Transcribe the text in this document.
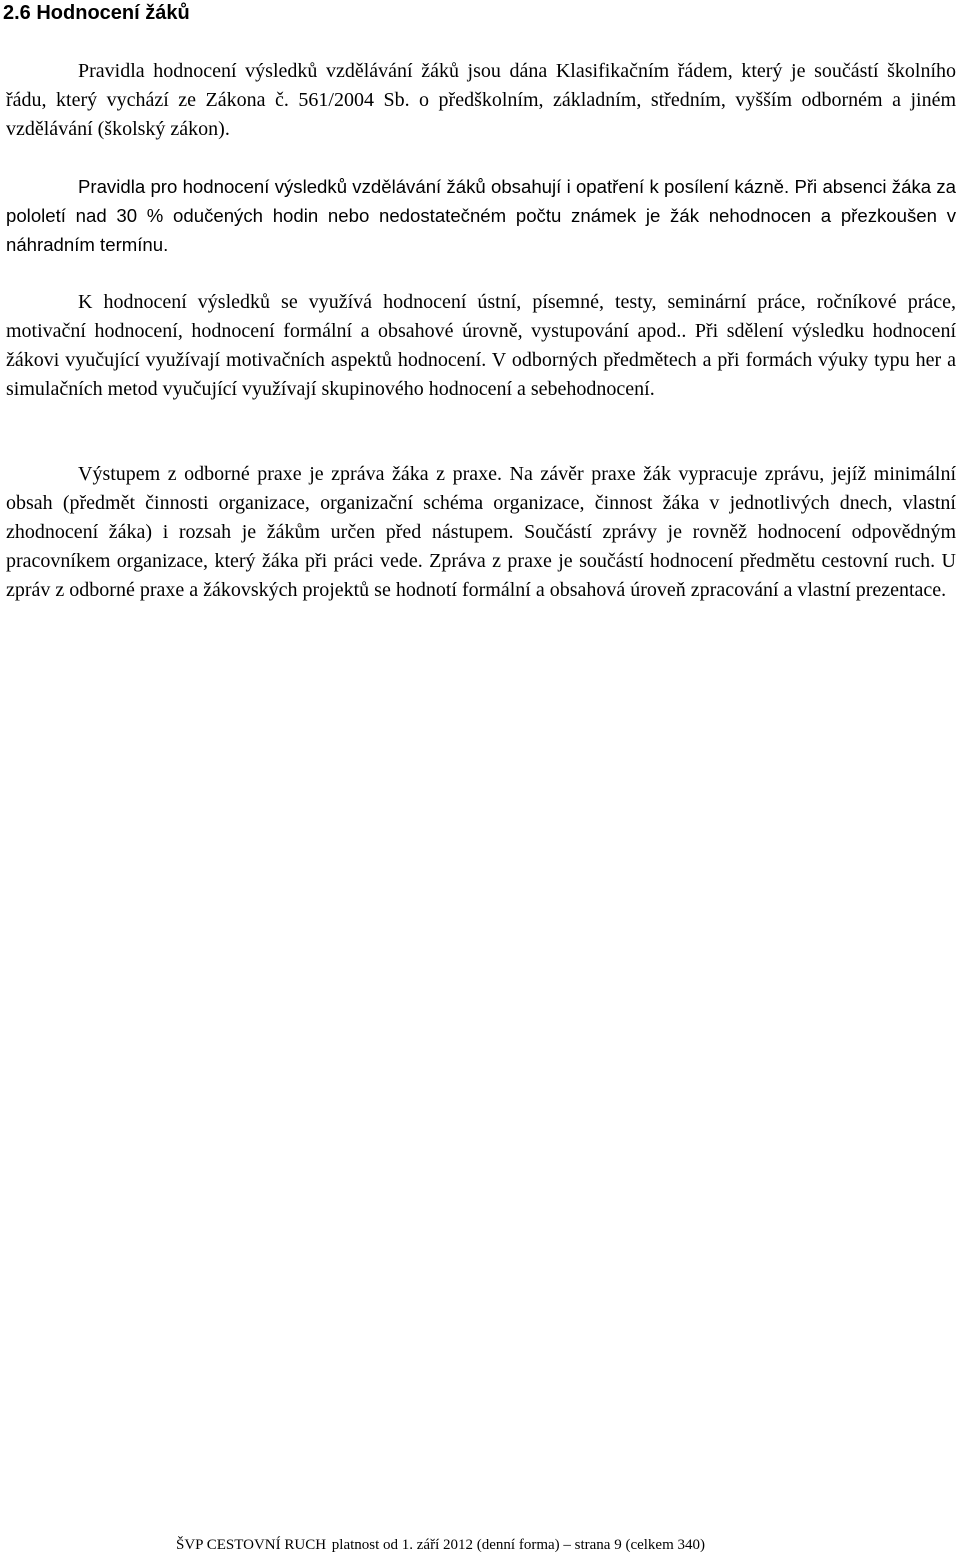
2.6 Hodnocení žáků

Pravidla hodnocení výsledků vzdělávání žáků jsou dána Klasifikačním řádem, který je součástí školního řádu, který vychází ze Zákona č. 561/2004 Sb. o předškolním, základním, středním, vyšším odborném a jiném vzdělávání (školský zákon).

Pravidla pro hodnocení výsledků vzdělávání žáků obsahují i opatření k posílení kázně. Při absenci žáka za pololetí nad 30 % odučených hodin nebo nedostatečném počtu známek je žák nehodnocen a přezkoušen v náhradním termínu.

K hodnocení výsledků se využívá hodnocení ústní, písemné, testy, seminární práce, ročníkové práce, motivační hodnocení, hodnocení formální a obsahové úrovně, vystupování apod.. Při sdělení výsledku hodnocení žákovi vyučující využívají motivačních aspektů hodnocení. V odborných předmětech a při formách výuky typu her a simulačních metod vyučující využívají skupinového hodnocení a sebehodnocení.

Výstupem z odborné praxe je zpráva žáka z praxe. Na závěr praxe žák vypracuje zprávu, jejíž minimální obsah (předmět činnosti organizace, organizační schéma organizace, činnost žáka v jednotlivých dnech, vlastní zhodnocení žáka) i rozsah je žákům určen před nástupem. Součástí zprávy je rovněž hodnocení odpovědným pracovníkem organizace, který žáka při práci vede. Zpráva z praxe je součástí hodnocení předmětu cestovní ruch. U zpráv z odborné praxe a žákovských projektů se hodnotí formální a obsahová úroveň zpracování a vlastní prezentace.

ŠVP CESTOVNÍ RUCH platnost od 1. září 2012 (denní forma) – strana 9 (celkem 340)
